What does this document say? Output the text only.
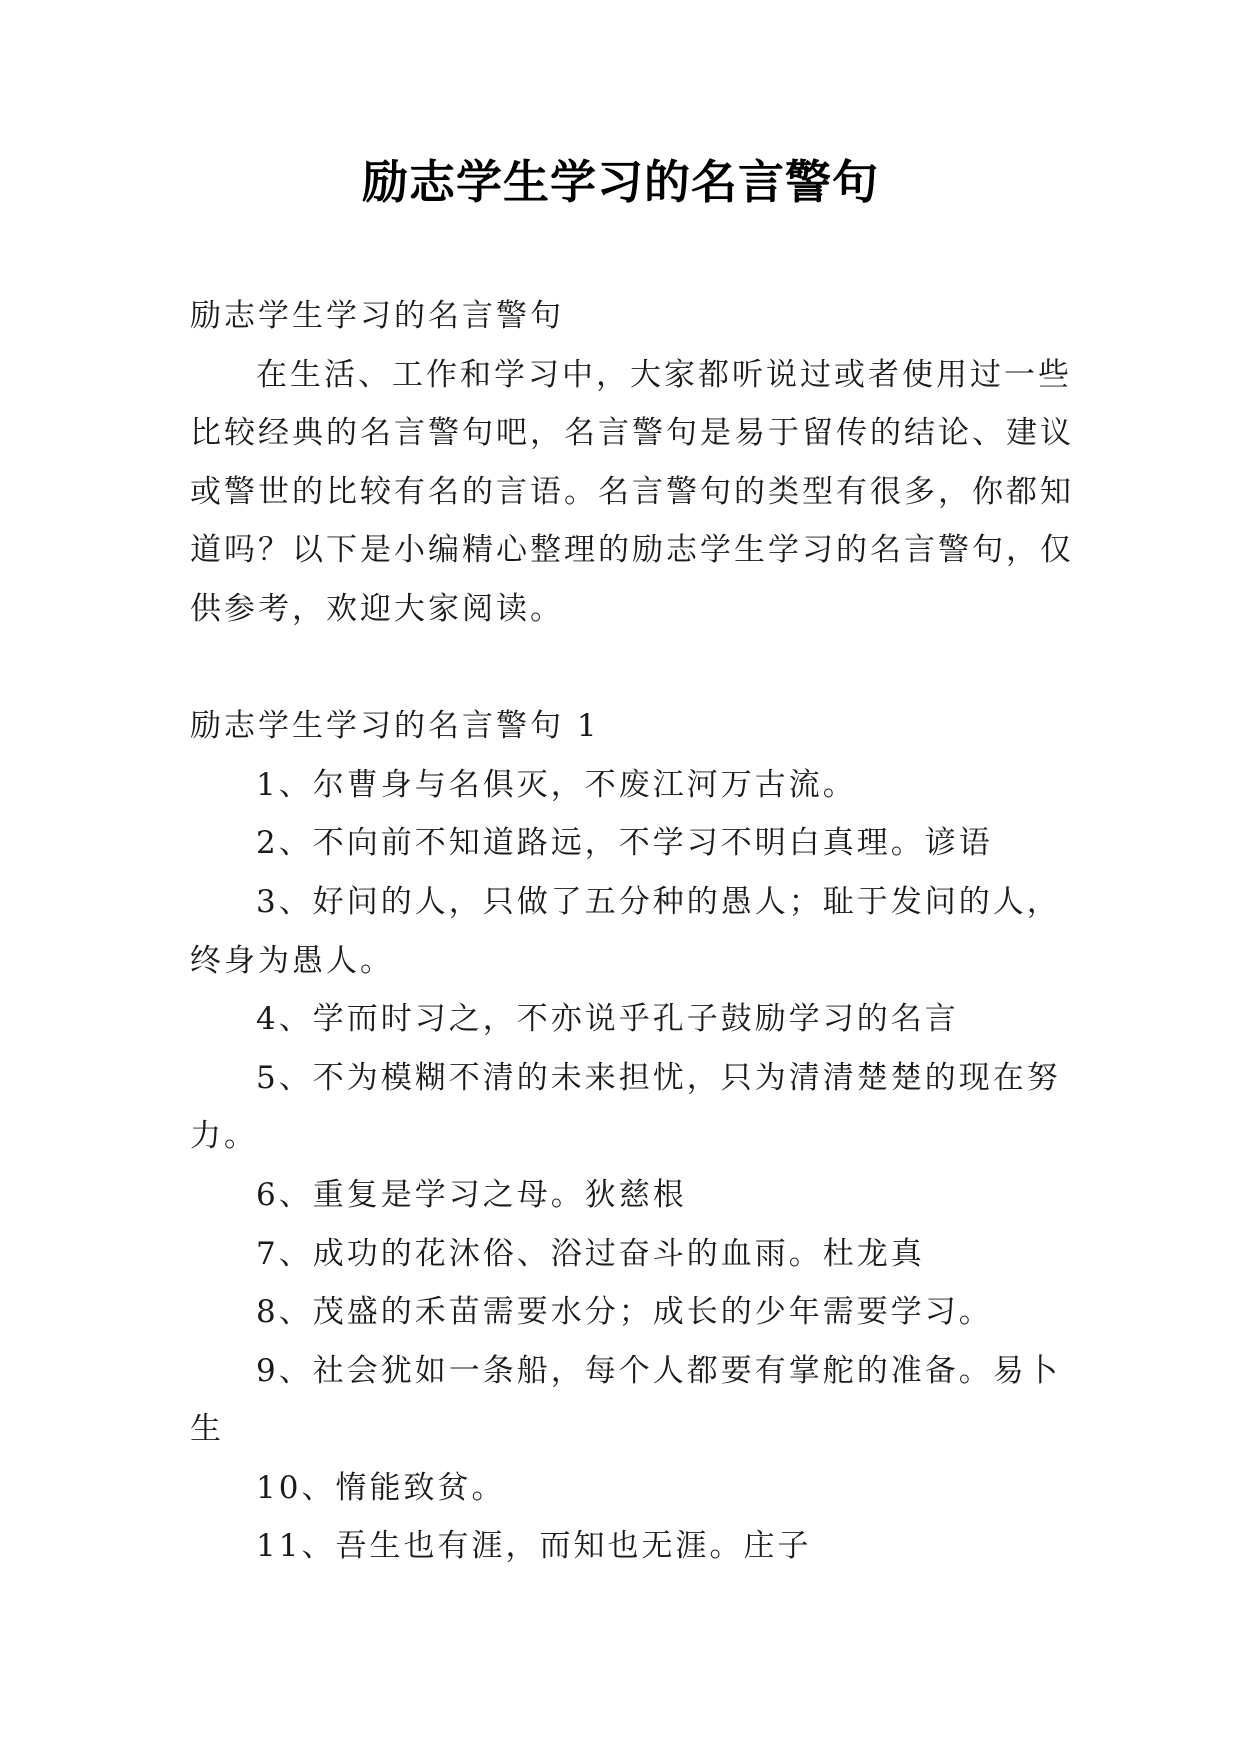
励志学生学习的名言警句

励志学生学习的名言警句

在生活、工作和学习中，大家都听说过或者使用过一些

比较经典的名言警句吧，名言警句是易于留传的结论、建议

或警世的比较有名的言语。名言警句的类型有很多，你都知

道吗？以下是小编精心整理的励志学生学习的名言警句，仅

供参考，欢迎大家阅读。

励志学生学习的名言警句 1

1、尔曹身与名俱灭，不废江河万古流。

2、不向前不知道路远，不学习不明白真理。谚语

3、好问的人，只做了五分种的愚人；耻于发问的人，

终身为愚人。

4、学而时习之，不亦说乎孔子鼓励学习的名言

5、不为模糊不清的未来担忧，只为清清楚楚的现在努

力。

6、重复是学习之母。狄慈根

7、成功的花沐俗、浴过奋斗的血雨。杜龙真

8、茂盛的禾苗需要水分；成长的少年需要学习。

9、社会犹如一条船，每个人都要有掌舵的准备。易卜

生

10、惰能致贫。

11、吾生也有涯，而知也无涯。庄子
